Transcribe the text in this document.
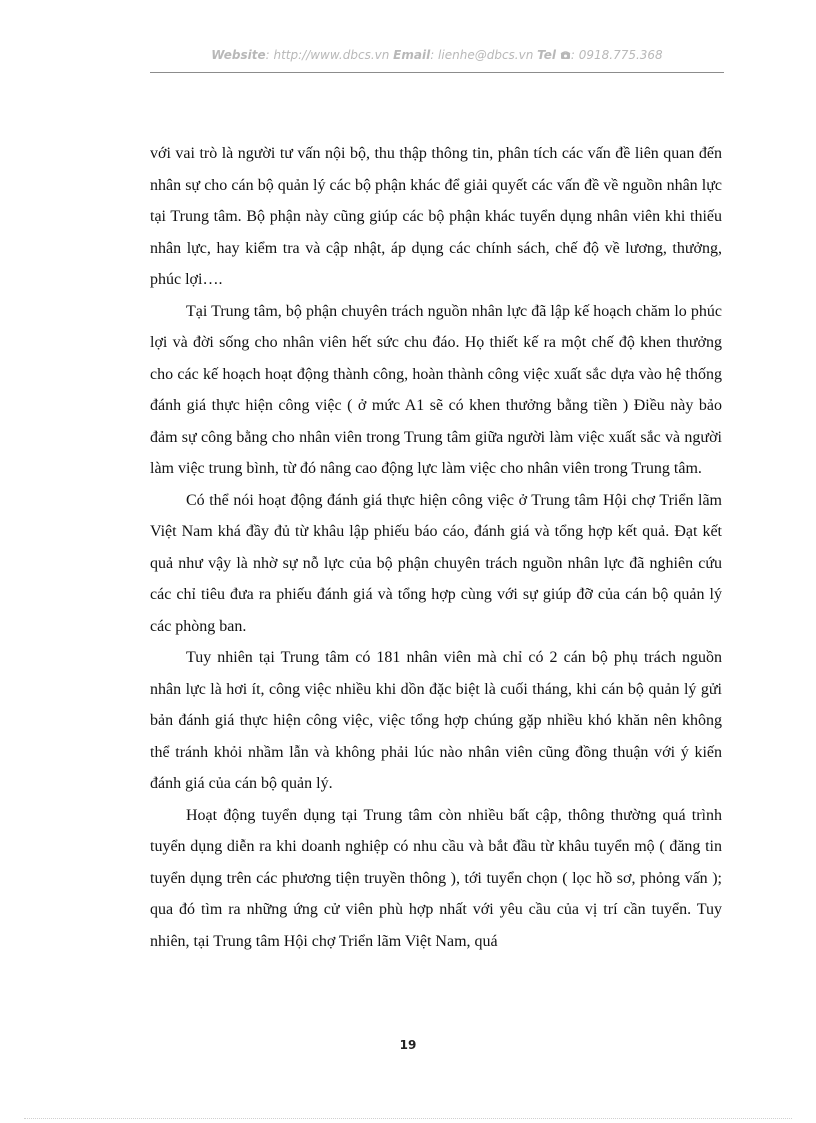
Website: http://www.dbcs.vn Email: lienhe@dbcs.vn Tel : 0918.775.368

với vai trò là người tư vấn nội bộ, thu thập thông tin, phân tích các vấn đề liên quan đến nhân sự cho cán bộ quản lý các bộ phận khác để giải quyết các vấn đề về nguồn nhân lực tại Trung tâm. Bộ phận này cũng giúp các bộ phận khác tuyển dụng nhân viên khi thiếu nhân lực, hay kiểm tra và cập nhật, áp dụng các chính sách, chế độ về lương, thưởng, phúc lợi….

Tại Trung tâm, bộ phận chuyên trách nguồn nhân lực đã lập kế hoạch chăm lo phúc lợi và đời sống cho nhân viên hết sức chu đáo. Họ thiết kế ra một chế độ khen thưởng cho các kế hoạch hoạt động thành công, hoàn thành công việc xuất sắc dựa vào hệ thống đánh giá thực hiện công việc ( ở mức A1 sẽ có khen thưởng bằng tiền ) Điều này bảo đảm sự công bằng cho nhân viên trong Trung tâm giữa người làm việc xuất sắc và người làm việc trung bình, từ đó nâng cao động lực làm việc cho nhân viên trong Trung tâm.

Có thể nói hoạt động đánh giá thực hiện công việc ở Trung tâm Hội chợ Triển lãm Việt Nam khá đầy đủ từ khâu lập phiếu báo cáo, đánh giá và tổng hợp kết quả. Đạt kết quả như vậy là nhờ sự nỗ lực của bộ phận chuyên trách nguồn nhân lực đã nghiên cứu các chỉ tiêu đưa ra phiếu đánh giá và tổng hợp cùng với sự giúp đỡ của cán bộ quản lý các phòng ban.

Tuy nhiên tại Trung tâm có 181 nhân viên mà chỉ có 2 cán bộ phụ trách nguồn nhân lực là hơi ít, công việc nhiều khi dồn đặc biệt là cuối tháng, khi cán bộ quản lý gửi bản đánh giá thực hiện công việc, việc tổng hợp chúng gặp nhiều khó khăn nên không thể tránh khỏi nhầm lẫn và không phải lúc nào nhân viên cũng đồng thuận với ý kiến đánh giá của cán bộ quản lý.

Hoạt động tuyển dụng tại Trung tâm còn nhiều bất cập, thông thường quá trình tuyển dụng diễn ra khi doanh nghiệp có nhu cầu và bắt đầu từ khâu tuyển mộ ( đăng tin tuyển dụng trên các phương tiện truyền thông ), tới tuyển chọn ( lọc hồ sơ, phỏng vấn ); qua đó tìm ra những ứng cử viên phù hợp nhất với yêu cầu của vị trí cần tuyển. Tuy nhiên, tại Trung tâm Hội chợ Triển lãm Việt Nam, quá

19
